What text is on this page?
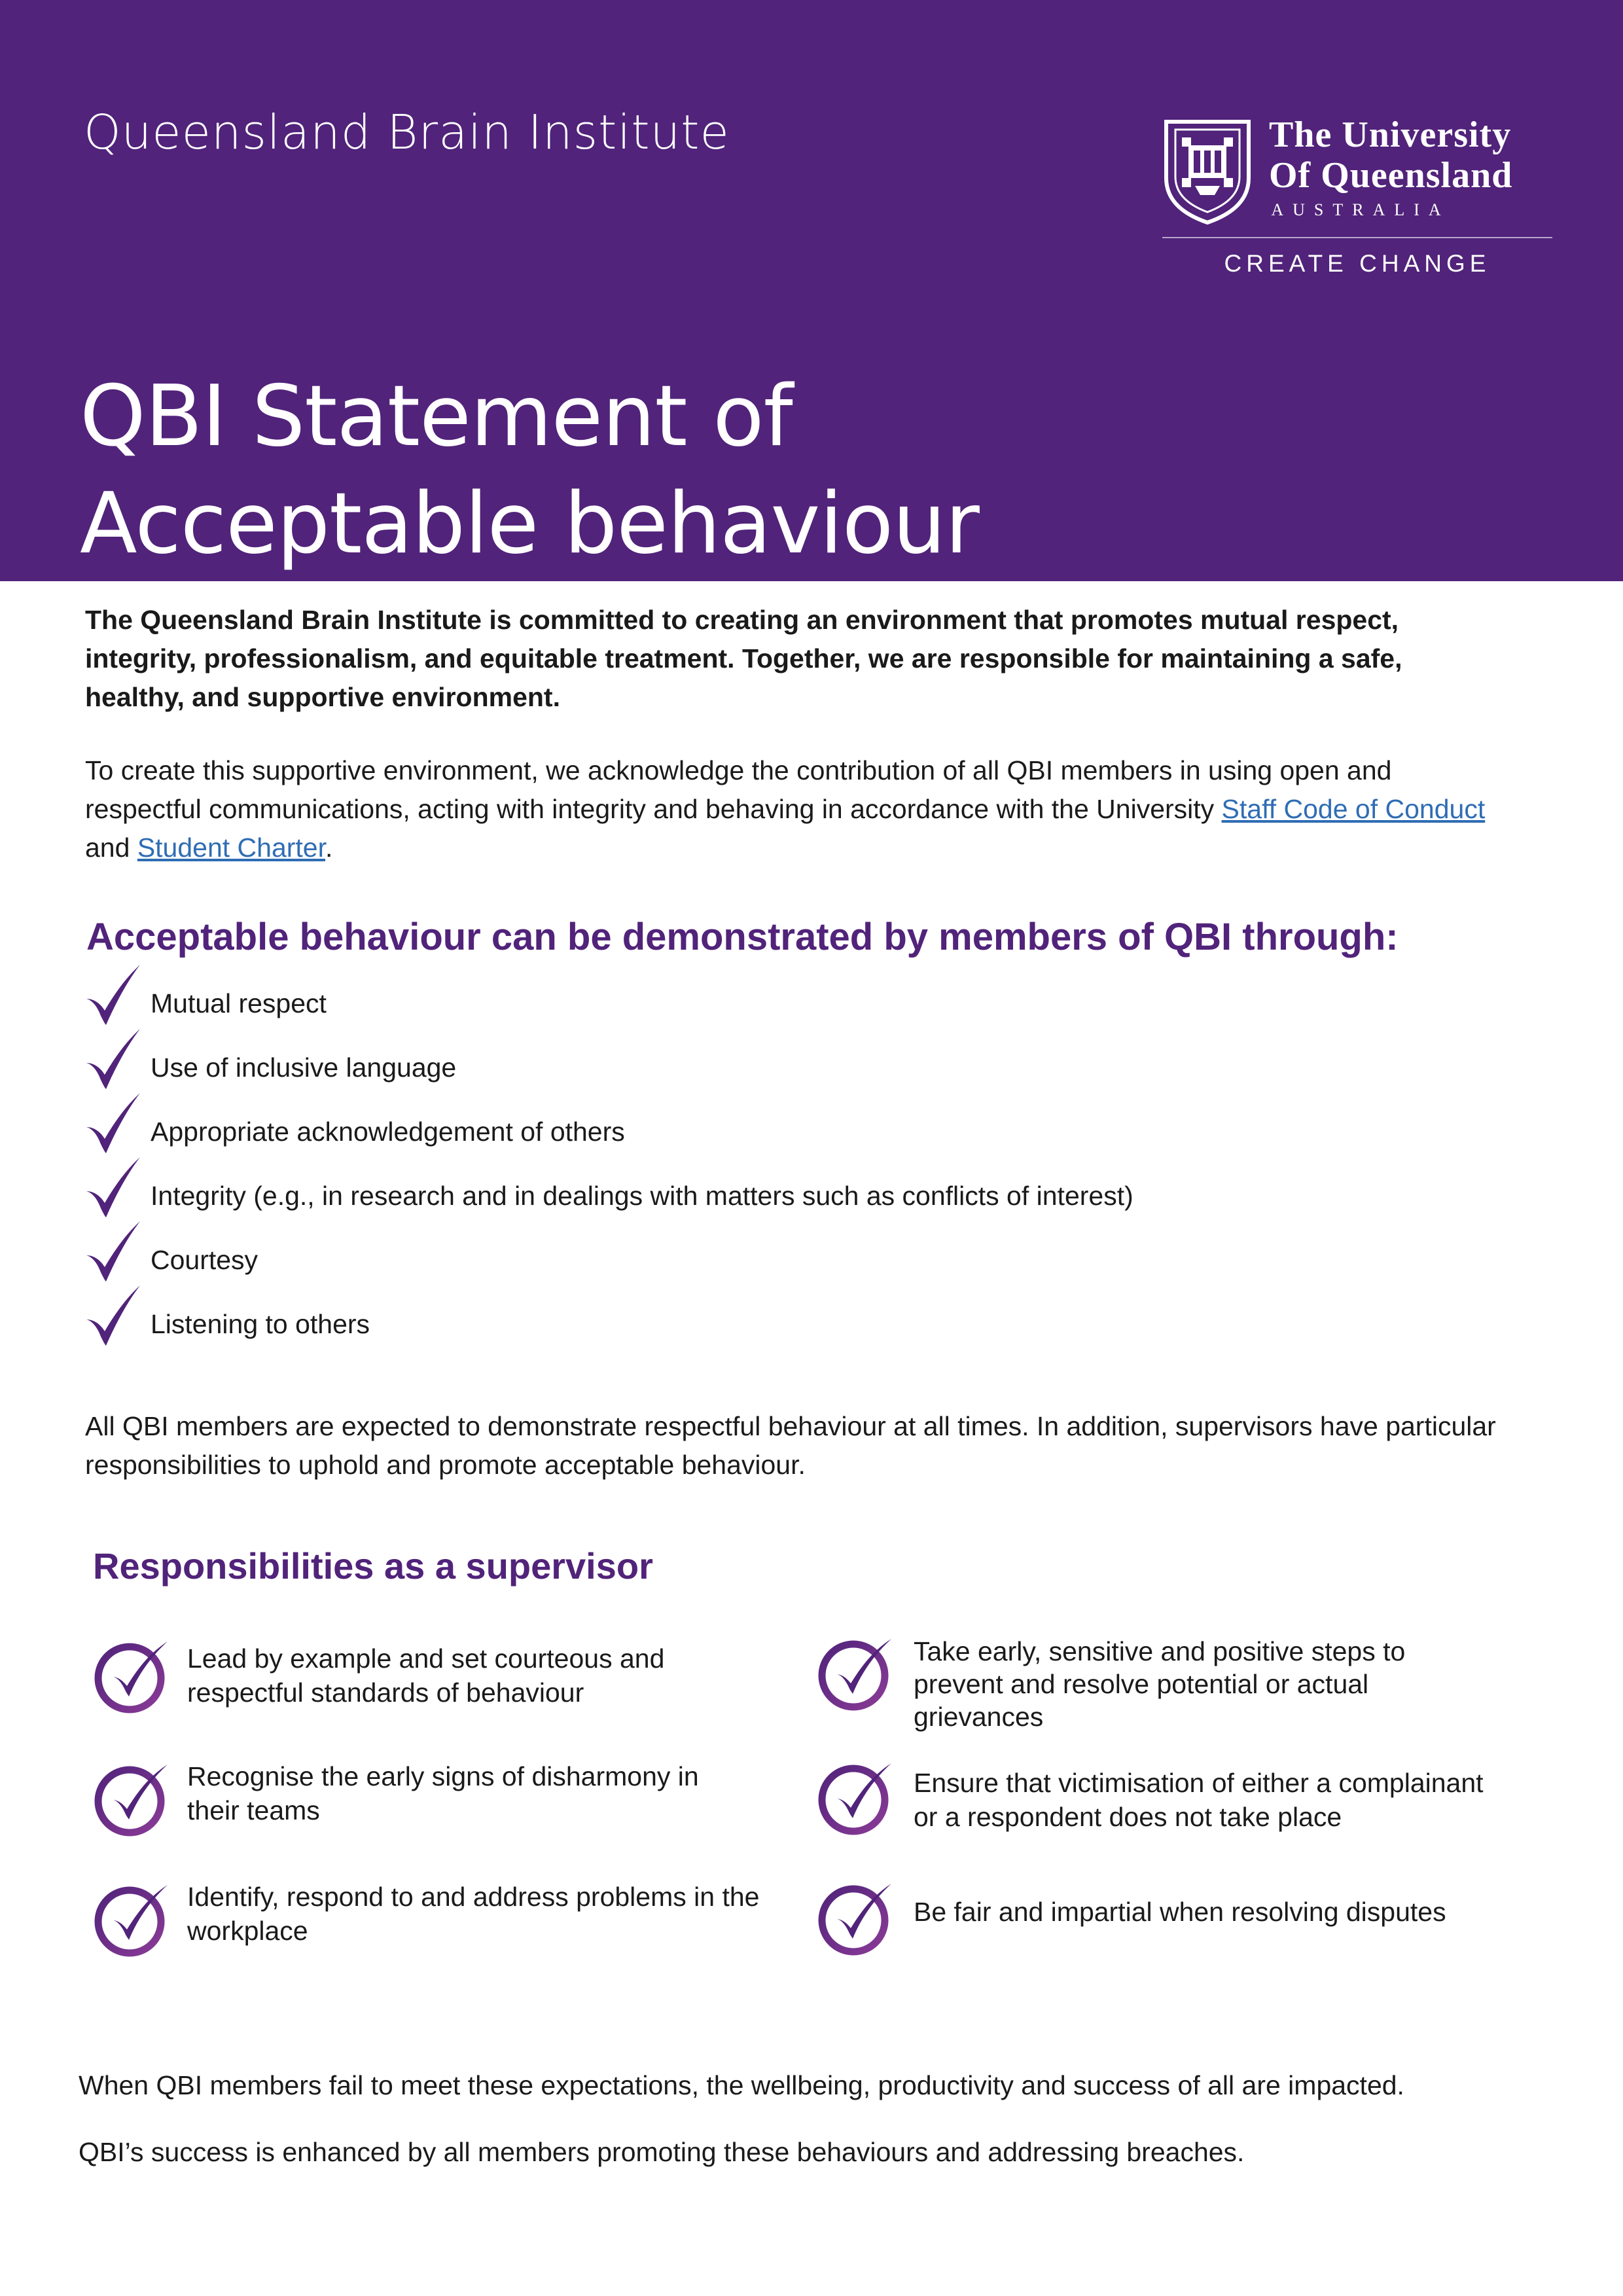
Queensland Brain Institute	The University
Of Queensland
AUSTRALIA
CREATE CHANGE
QBI Statement of
Acceptable behaviour

The Queensland Brain Institute is committed to creating an environment that promotes mutual respect, integrity, professionalism, and equitable treatment. Together, we are responsible for maintaining a safe, healthy, and supportive environment.

To create this supportive environment, we acknowledge the contribution of all QBI members in using open and respectful communications, acting with integrity and behaving in accordance with the University Staff Code of Conduct and Student Charter.

Acceptable behaviour can be demonstrated by members of QBI through:
Mutual respect
Use of inclusive language
Appropriate acknowledgement of others
Integrity (e.g., in research and in dealings with matters such as conflicts of interest)
Courtesy
Listening to others

All QBI members are expected to demonstrate respectful behaviour at all times. In addition, supervisors have particular responsibilities to uphold and promote acceptable behaviour.

Responsibilities as a supervisor
Lead by example and set courteous and
respectful standards of behaviour
Recognise the early signs of disharmony in their teams
Identify, respond to and address problems in the workplace
Take early, sensitive and positive steps to prevent and resolve potential or actual grievances
Ensure that victimisation of either a complainant or a respondent does not take place
Be fair and impartial when resolving disputes

When QBI members fail to meet these expectations, the wellbeing, productivity and success of all are impacted.

QBI’s success is enhanced by all members promoting these behaviours and addressing breaches.
